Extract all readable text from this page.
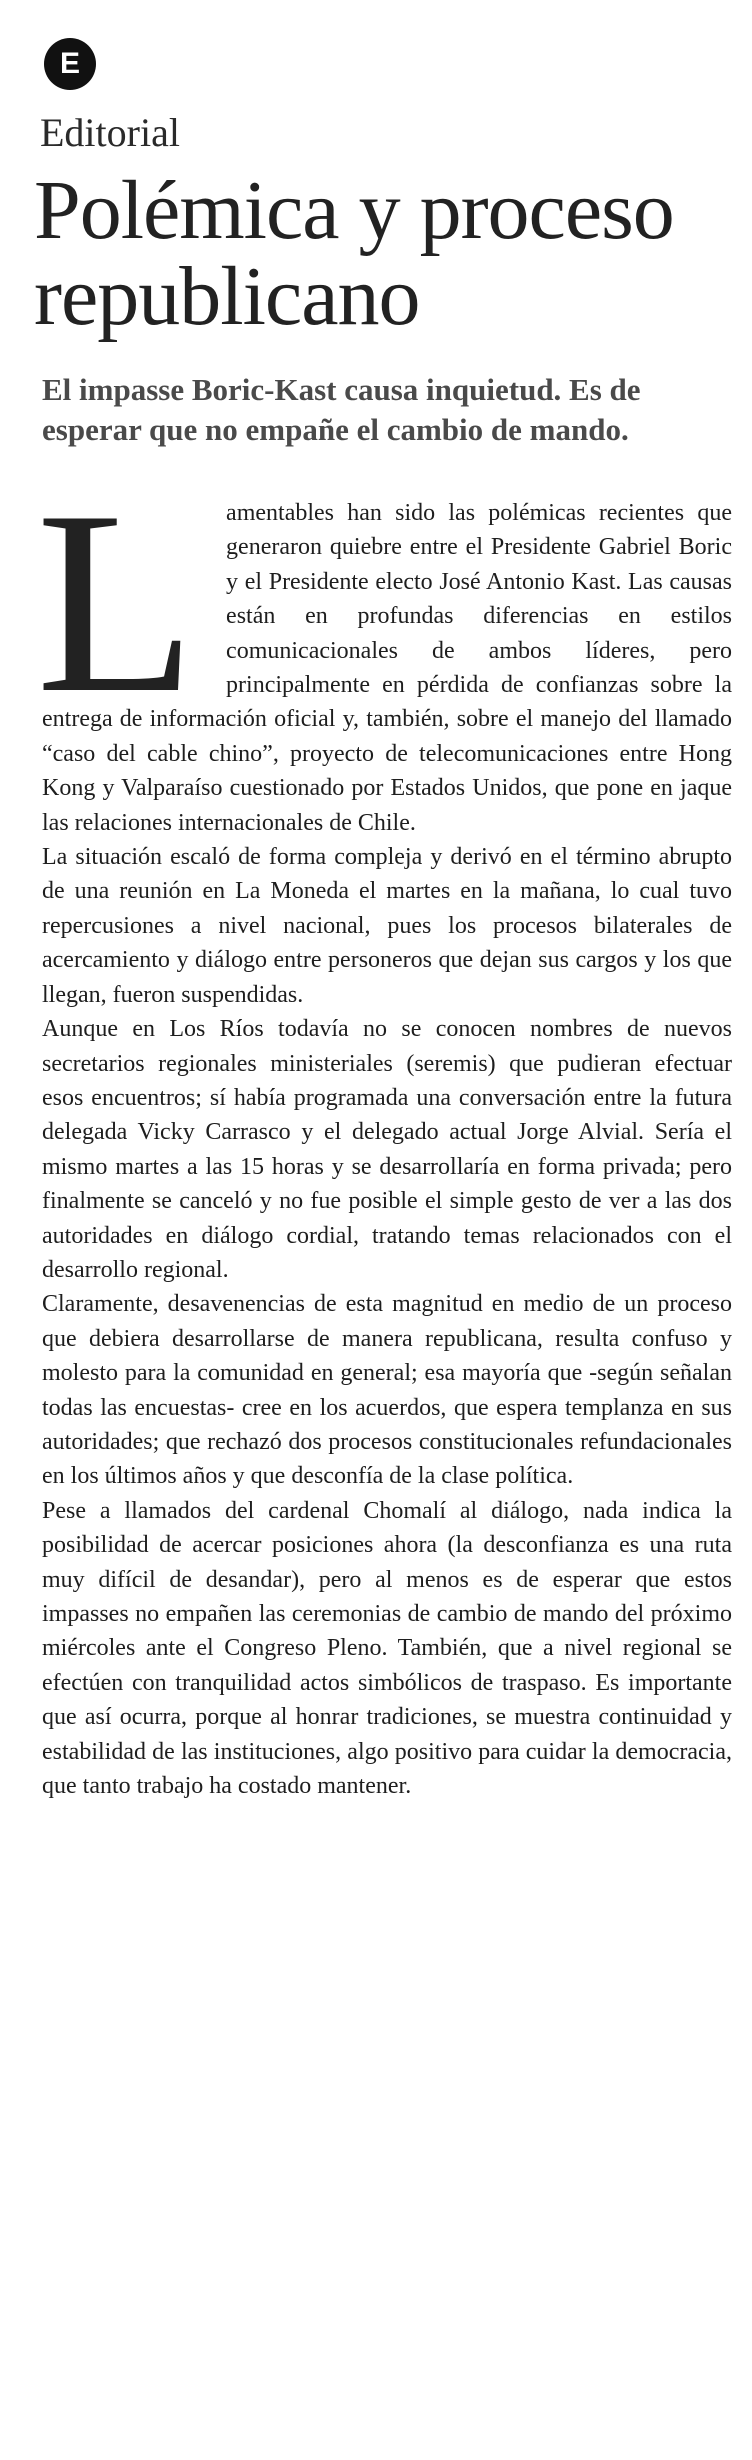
E
Editorial
Polémica y proceso republicano
El impasse Boric-Kast causa inquietud. Es de esperar que no empañe el cambio de mando.

L amentables han sido las polémicas recientes que generaron quiebre entre el Presidente Gabriel Boric y el Presidente electo José Antonio Kast. Las causas están en profundas diferencias en estilos comunicacionales de ambos líderes, pero principalmente en pérdida de confianzas sobre la entrega de información oficial y, también, sobre el manejo del llamado “caso del cable chino”, proyecto de telecomunicaciones entre Hong Kong y Valparaíso cuestionado por Estados Unidos, que pone en jaque las relaciones internacionales de Chile.

La situación escaló de forma compleja y derivó en el término abrupto de una reunión en La Moneda el martes en la mañana, lo cual tuvo repercusiones a nivel nacional, pues los procesos bilaterales de acercamiento y diálogo entre personeros que dejan sus cargos y los que llegan, fueron suspendidas.

Aunque en Los Ríos todavía no se conocen nombres de nuevos secretarios regionales ministeriales (seremis) que pudieran efectuar esos encuentros; sí había programada una conversación entre la futura delegada Vicky Carrasco y el delegado actual Jorge Alvial. Sería el mismo martes a las 15 horas y se desarrollaría en forma privada; pero finalmente se canceló y no fue posible el simple gesto de ver a las dos autoridades en diálogo cordial, tratando temas relacionados con el desarrollo regional.

Claramente, desavenencias de esta magnitud en medio de un proceso que debiera desarrollarse de manera republicana, resulta confuso y molesto para la comunidad en general; esa mayoría que -según señalan todas las encuestas- cree en los acuerdos, que espera templanza en sus autoridades; que rechazó dos procesos constitucionales refundacionales en los últimos años y que desconfía de la clase política.

Pese a llamados del cardenal Chomalí al diálogo, nada indica la posibilidad de acercar posiciones ahora (la desconfianza es una ruta muy difícil de desandar), pero al menos es de esperar que estos impasses no empañen las ceremonias de cambio de mando del próximo miércoles ante el Congreso Pleno. También, que a nivel regional se efectúen con tranquilidad actos simbólicos de traspaso. Es importante que así ocurra, porque al honrar tradiciones, se muestra continuidad y estabilidad de las instituciones, algo positivo para cuidar la democracia, que tanto trabajo ha costado mantener.
